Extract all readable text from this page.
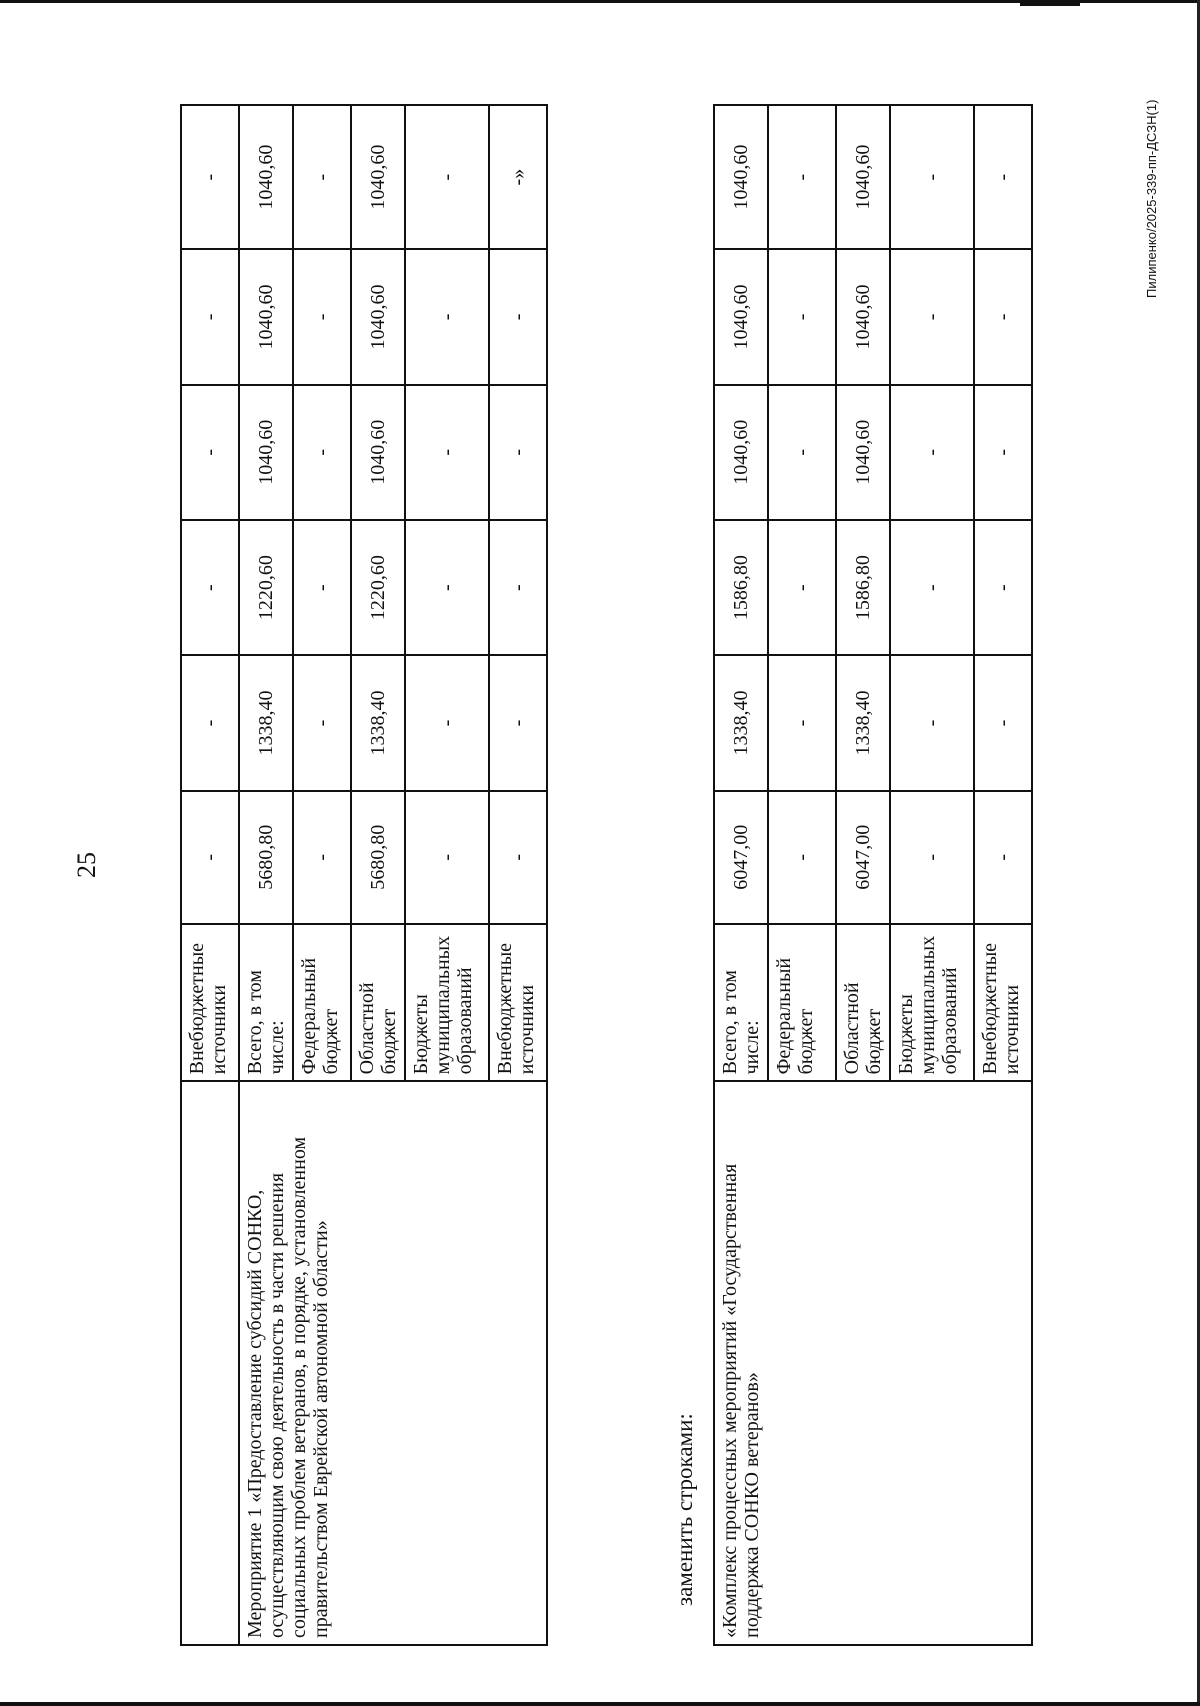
25
	Внебюджетные источники	-	-	-	-	-	-
Мероприятие 1 «Предоставление субсидий СОНКО, осуществляющим свою деятельность в части решения социальных проблем ветеранов, в порядке, установленном правительством Еврейской автономной области»	Всего, в том числе:	5680,80	1338,40	1220,60	1040,60	1040,60	1040,60
	Федеральный бюджет	-	-	-	-	-	-
	Областной бюджет	5680,80	1338,40	1220,60	1040,60	1040,60	1040,60
	Бюджеты муниципальных образований	-	-	-	-	-	-
	Внебюджетные источники	-	-	-	-	-	-»
заменить строками: «Комплекс процессных мероприятий «Государственная поддержка СОНКО ветеранов»	Всего, в том числе:	6047,00	1338,40	1586,80	1040,60	1040,60	1040,60
	Федеральный бюджет	-	-	-	-	-	-
	Областной бюджет	6047,00	1338,40	1586,80	1040,60	1040,60	1040,60
	Бюджеты муниципальных образований	-	-	-	-	-	-
	Внебюджетные источники	-	-	-	-	-	-	Пилипенко/2025-339-пп-ДСЗН(1)
